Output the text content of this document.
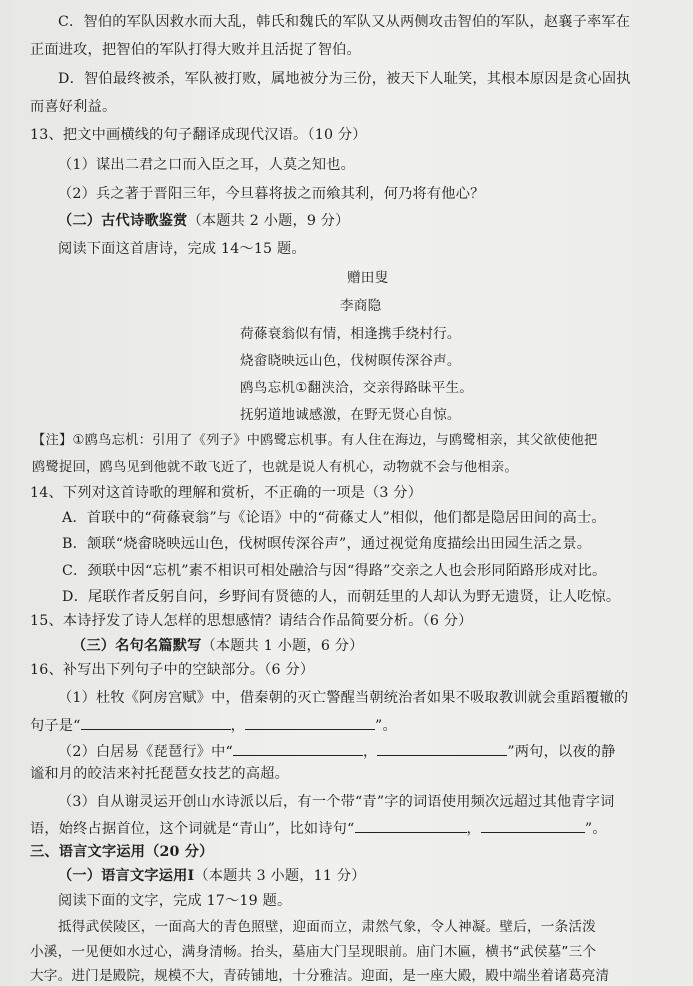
C．智伯的军队因救水而大乱，韩氏和魏氏的军队又从两侧攻击智伯的军队，赵襄子率军在
正面进攻，把智伯的军队打得大败并且活捉了智伯。
D．智伯最终被杀，军队被打败，属地被分为三份，被天下人耻笑，其根本原因是贪心固执
而喜好利益。
13、把文中画横线的句子翻译成现代汉语。（10 分）
（1）谋出二君之口而入臣之耳，人莫之知也。
（2）兵之著于晋阳三年，今旦暮将拔之而飨其利，何乃将有他心？
（二）古代诗歌鉴赏（本题共 2 小题，9 分）
阅读下面这首唐诗，完成 14～15 题。
赠田叟
李商隐
荷蓧衰翁似有情，相逢携手绕村行。
烧畲晓映远山色，伐树暝传深谷声。
鸥鸟忘机①翻浃洽，交亲得路昧平生。
抚躬道地诚感激，在野无贤心自惊。
【注】①鸥鸟忘机：引用了《列子》中鸥鹭忘机事。有人住在海边，与鸥鹭相亲，其父欲使他把
鸥鹭捉回，鸥鸟见到他就不敢飞近了，也就是说人有机心，动物就不会与他相亲。
14、下列对这首诗歌的理解和赏析，不正确的一项是（3 分）
A．首联中的“荷蓧衰翁”与《论语》中的“荷蓧丈人”相似，他们都是隐居田间的高士。
B．颔联“烧畲晓映远山色，伐树暝传深谷声”，通过视觉角度描绘出田园生活之景。
C．颈联中因“忘机”素不相识可相处融洽与因“得路”交亲之人也会形同陌路形成对比。
D．尾联作者反躬自问，乡野间有贤德的人，而朝廷里的人却认为野无遗贤，让人吃惊。
15、本诗抒发了诗人怎样的思想感情？请结合作品简要分析。（6 分）
（三）名句名篇默写（本题共 1 小题，6 分）
16、补写出下列句子中的空缺部分。（6 分）
（1）杜牧《阿房宫赋》中，借秦朝的灭亡警醒当朝统治者如果不吸取教训就会重蹈覆辙的
句子是“	，	”。
（2）白居易《琵琶行》中“	，	”两句，以夜的静
谧和月的皎洁来衬托琵琶女技艺的高超。
（3）自从谢灵运开创山水诗派以后，有一个带“青”字的词语使用频次远超过其他青字词
语，始终占据首位，这个词就是“青山”，比如诗句“	，	”。
三、语言文字运用（20 分）
（一）语言文字运用Ⅰ（本题共 3 小题，11 分）
阅读下面的文字，完成 17～19 题。
抵得武侯陵区，一面高大的青色照壁，迎面而立，肃然气象，令人神凝。壁后，一条活泼
小溪，一见便如水过心，满身清畅。抬头，墓庙大门呈现眼前。庙门木匾，横书“武侯墓”三个
大字。进门是殿院，规模不大，青砖铺地，十分雅洁。迎面，是一座大殿，殿中端坐着诸葛亮清
